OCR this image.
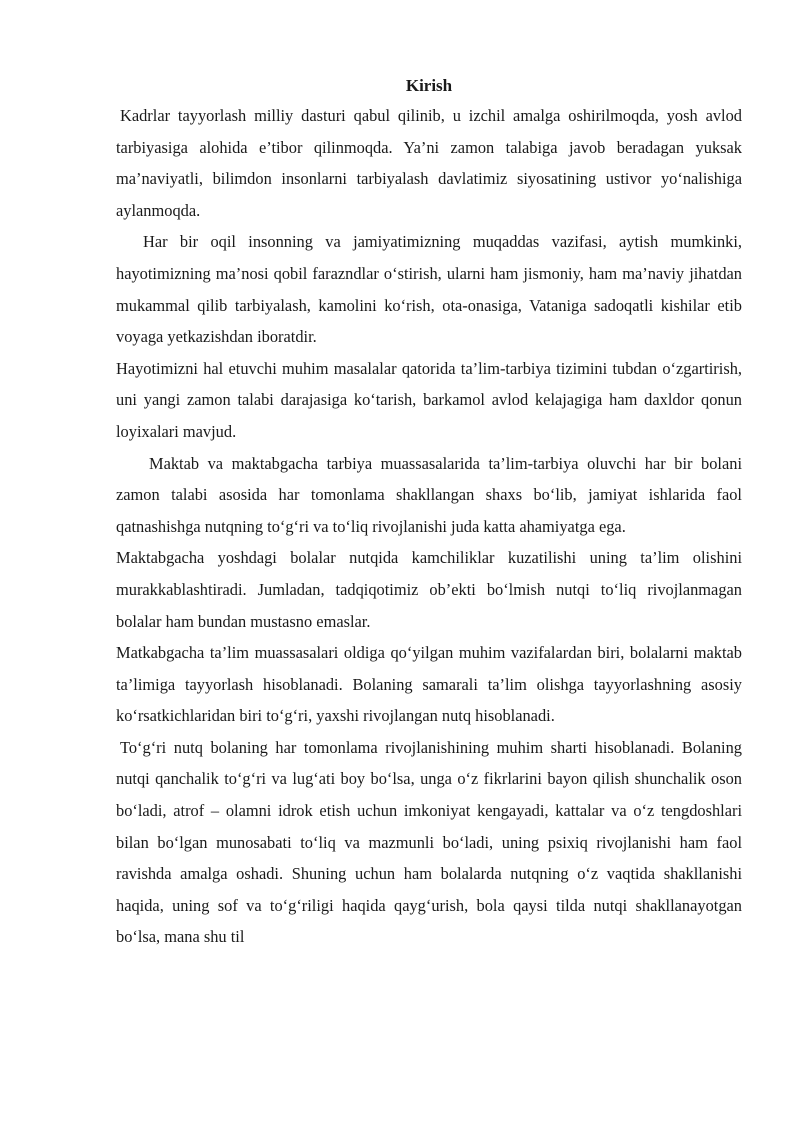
Kirish

Kadrlar tayyorlash milliy dasturi qabul qilinib, u izchil amalga oshirilmoqda, yosh avlod tarbiyasiga alohida e’tibor qilinmoqda. Ya’ni zamon talabiga javob beradagan yuksak ma’naviyatli, bilimdon insonlarni tarbiyalash davlatimiz siyosatining ustivor yo‘nalishiga aylanmoqda.

Har bir oqil insonning va jamiyatimizning muqaddas vazifasi, aytish mumkinki, hayotimizning ma’nosi qobil farazndlar o‘stirish, ularni ham jismoniy, ham ma’naviy jihatdan mukammal qilib tarbiyalash, kamolini ko‘rish, ota-onasiga, Vataniga sadoqatli kishilar etib voyaga yetkazishdan iboratdir.

Hayotimizni hal etuvchi muhim masalalar qatorida ta’lim-tarbiya tizimini tubdan o‘zgartirish, uni yangi zamon talabi darajasiga ko‘tarish, barkamol avlod kelajagiga ham daxldor qonun loyixalari mavjud.

Maktab va maktabgacha tarbiya muassasalarida ta’lim-tarbiya oluvchi har bir bolani zamon talabi asosida har tomonlama shakllangan shaxs bo‘lib, jamiyat ishlarida faol qatnashishga nutqning to‘g‘ri va to‘liq rivojlanishi juda katta ahamiyatga ega.

Maktabgacha yoshdagi bolalar nutqida kamchiliklar kuzatilishi uning ta’lim olishini murakkablashtiradi. Jumladan, tadqiqotimiz ob’ekti bo‘lmish nutqi to‘liq rivojlanmagan bolalar ham bundan mustasno emaslar.

Matkabgacha ta’lim muassasalari oldiga qo‘yilgan muhim vazifalardan biri, bolalarni maktab ta’limiga tayyorlash hisoblanadi. Bolaning samarali ta’lim olishga tayyorlashning asosiy ko‘rsatkichlaridan biri to‘g‘ri, yaxshi rivojlangan nutq hisoblanadi.

To‘g‘ri nutq bolaning har tomonlama rivojlanishining muhim sharti hisoblanadi. Bolaning nutqi qanchalik to‘g‘ri va lug‘ati boy bo‘lsa, unga o‘z fikrlarini bayon qilish shunchalik oson bo‘ladi, atrof – olamni idrok etish uchun imkoniyat kengayadi, kattalar va o‘z tengdoshlari bilan bo‘lgan munosabati to‘liq va mazmunli bo‘ladi, uning psixiq rivojlanishi ham faol ravishda amalga oshadi. Shuning uchun ham bolalarda nutqning o‘z vaqtida shakllanishi haqida, uning sof va to‘g‘riligi haqida qayg‘urish, bola qaysi tilda nutqi shakllanayotgan bo‘lsa, mana shu til
